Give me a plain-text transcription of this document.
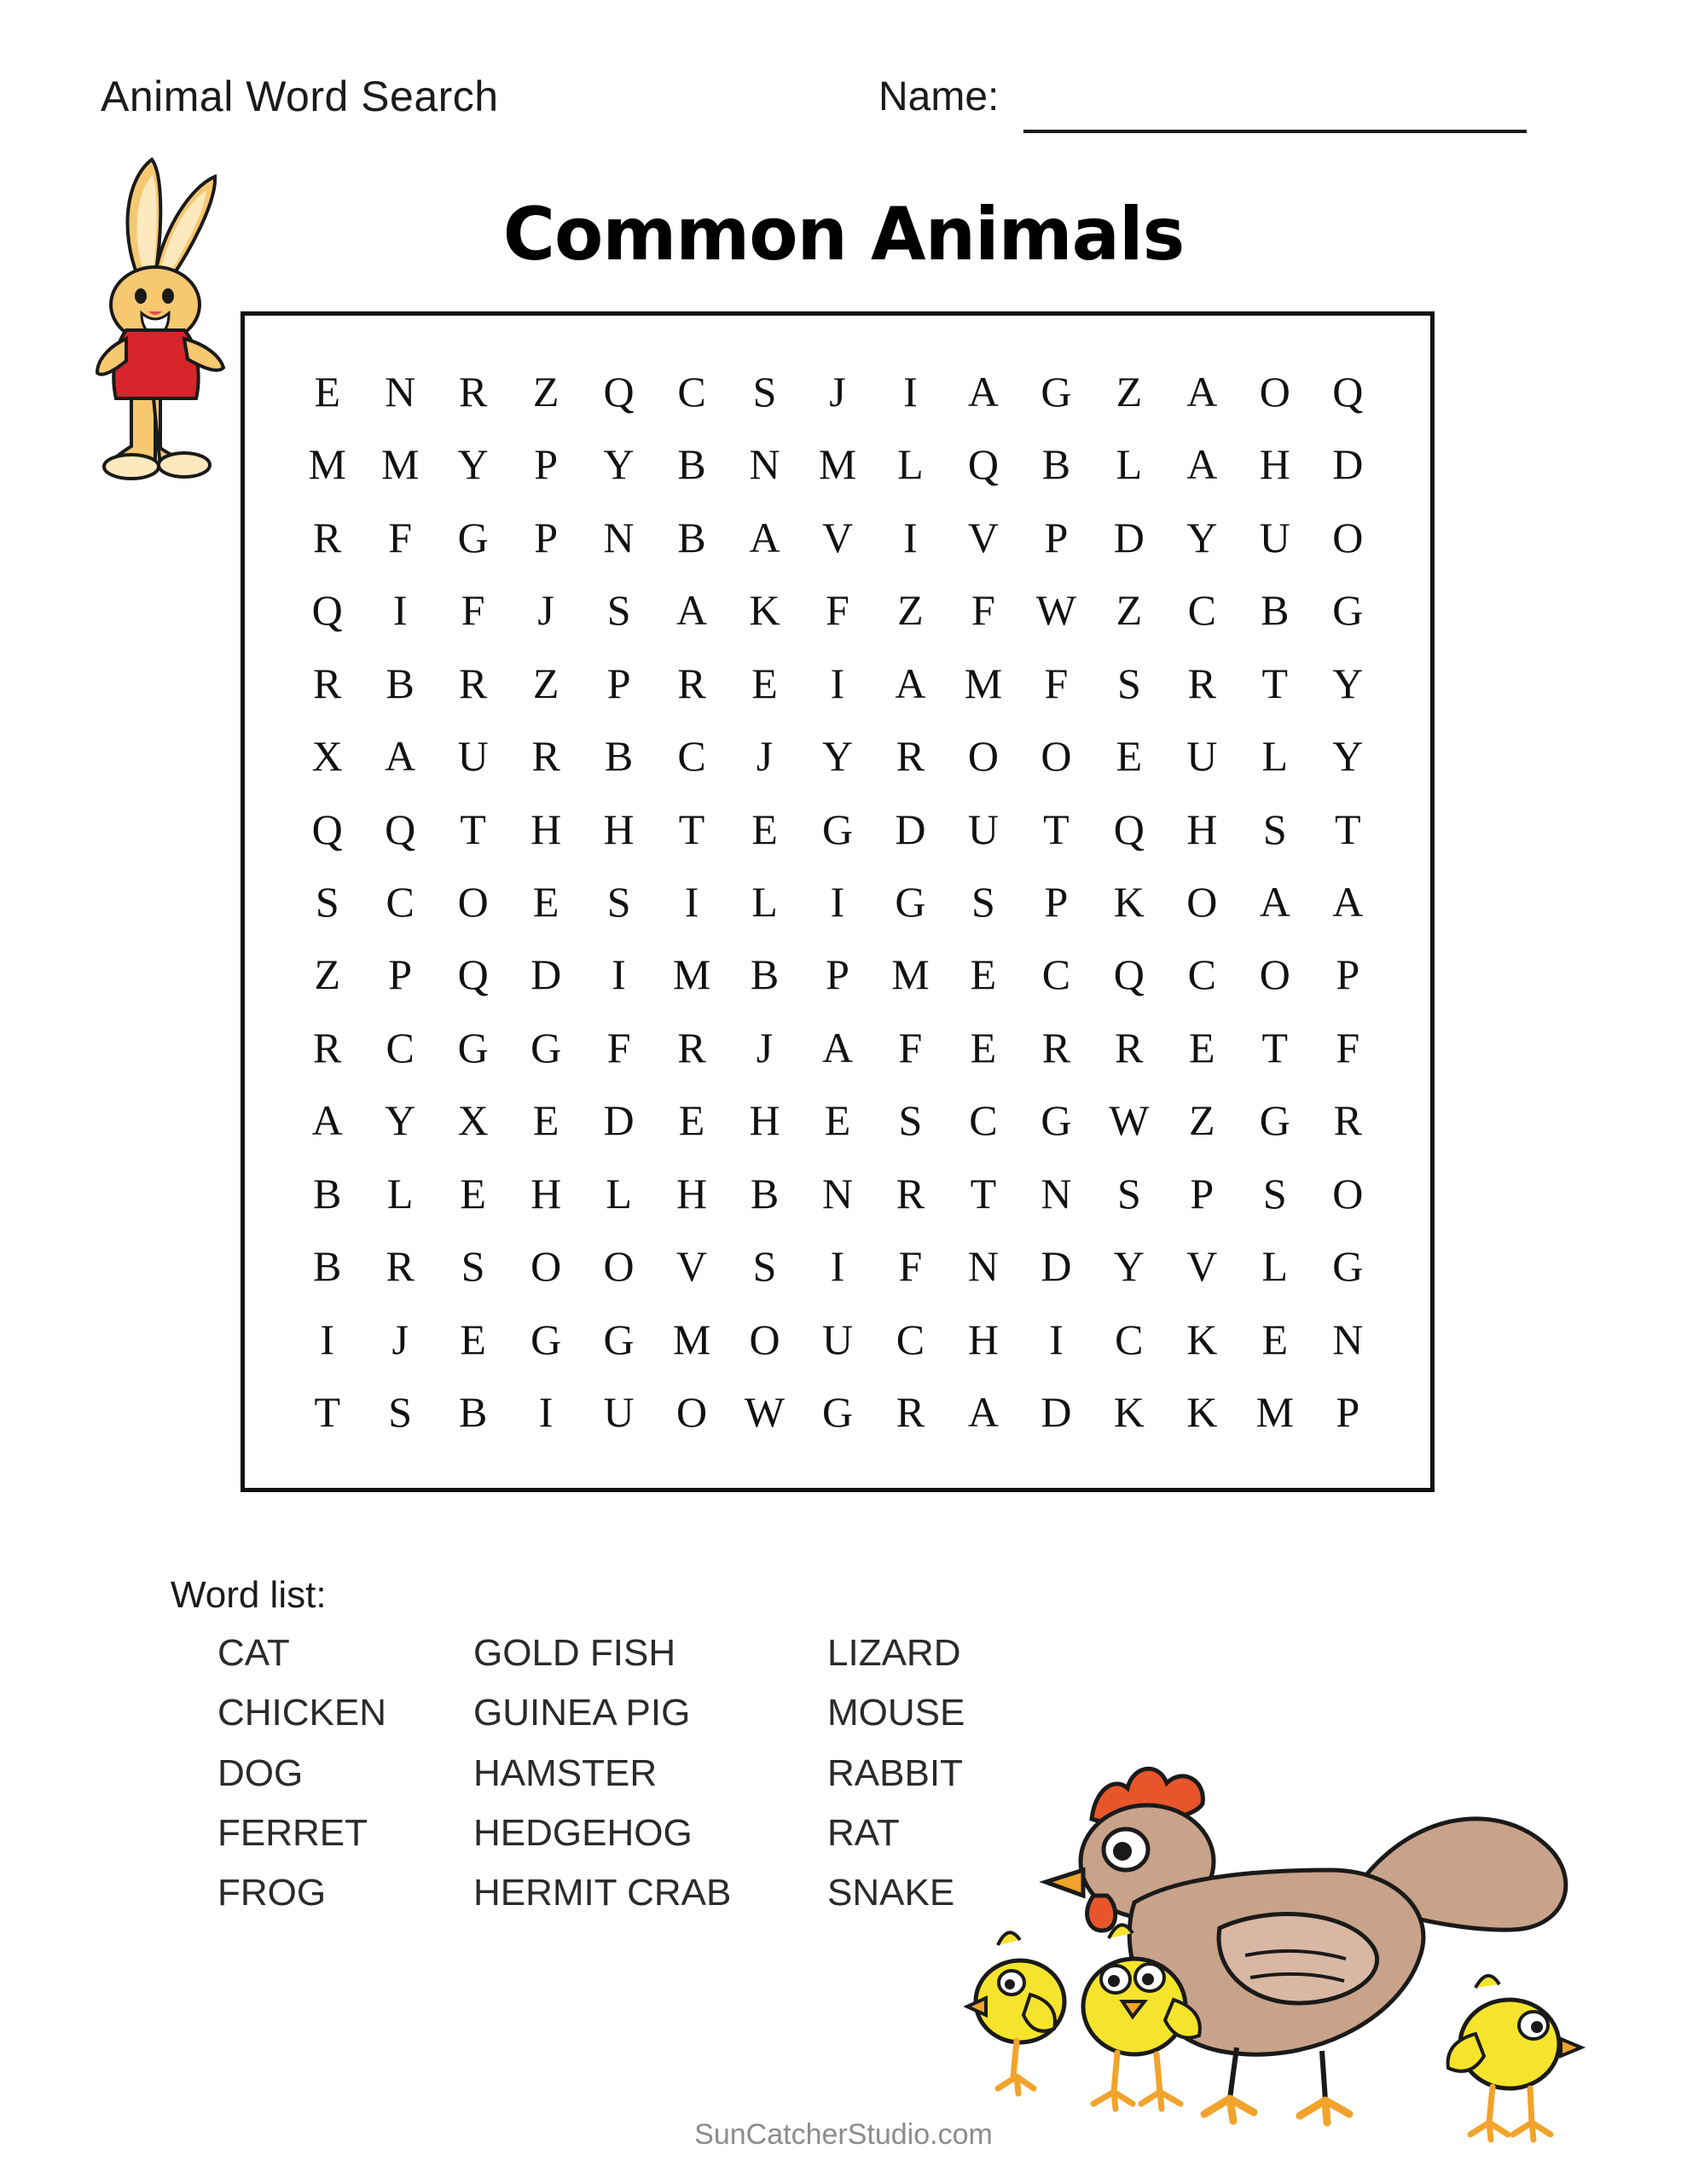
Animal Word Search	Name:
Common Animals
E	N	R	Z	Q	C	S	J	I	A G	Z	A O Q
M M Y	P	Y	B	N M L	Q	B	L	A H D
R	F	G	P	N	B	A V	I	V	P	D Y U O
Q	I	F	J	S	A K	F	Z	F W Z	C	B	G
R	B	R	Z	P	R	E	I	A M F	S	R	T	Y
X A U	R	B	C	J	Y	R	O O	E	U	L	Y
Q Q	T	H H	T	E	G D U	T	Q H	S	T
S	C	O	E	S	I	L	I	G	S	P	K O A A
Z	P	Q D	I	M B	P M E	C	Q	C	O	P
R	C	G G	F	R	J	A	F	E	R	R	E	T	F
A Y X	E	D	E	H	E	S	C	G W Z	G	R
B	L	E	H	L	H	B	N	R	T	N	S	P	S	O
B	R	S	O O V	S	I	F	N D Y V	L	G
I	J	E	G G M O U	C	H	I	C	K	E	N
T	S	B	I	U O W G	R	A D K K M P
Word list:
CAT	GOLD FISH	LIZARD
CHICKEN	GUINEA PIG	MOUSE
DOG	HAMSTER	RABBIT
FERRET	HEDGEHOG	RAT
FROG	HERMIT CRAB	SNAKE
SunCatcherStudio.com
